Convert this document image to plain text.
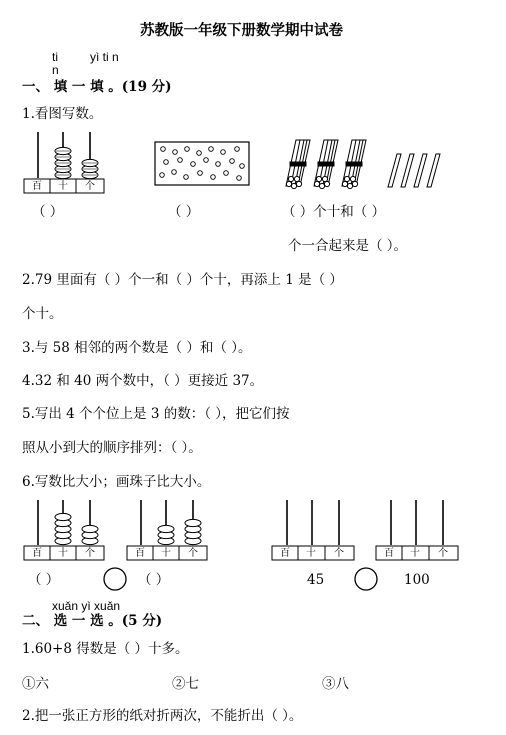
苏教版一年级下册数学期中试卷
ti	yì ti n
n
一、 填 一 填 。(19 分)
1.看图写数。
百 十 个
（ ）	（ ）	（ ）个十和（ ）
个一合起来是（ ）。
2.79 里面有（ ）个一和（ ）个十，再添上 1 是（ ）
个十。
3.与 58 相邻的两个数是（ ）和（ ）。
4.32 和 40 两个数中，（ ）更接近 37。
5.写出 4 个个位上是 3 的数：（ ），把它们按
照从小到大的顺序排列：（ ）。
6.写数比大小；画珠子比大小。
百 十 个	百 十 个	百 十 个	百 十 个
（ ）	（ ）	45	100
xuǎn yì xuǎn
二、 选 一 选 。(5 分)
1.60+8 得数是（ ）十多。
①六	②七	③八
2.把一张正方形的纸对折两次，不能折出（ ）。
